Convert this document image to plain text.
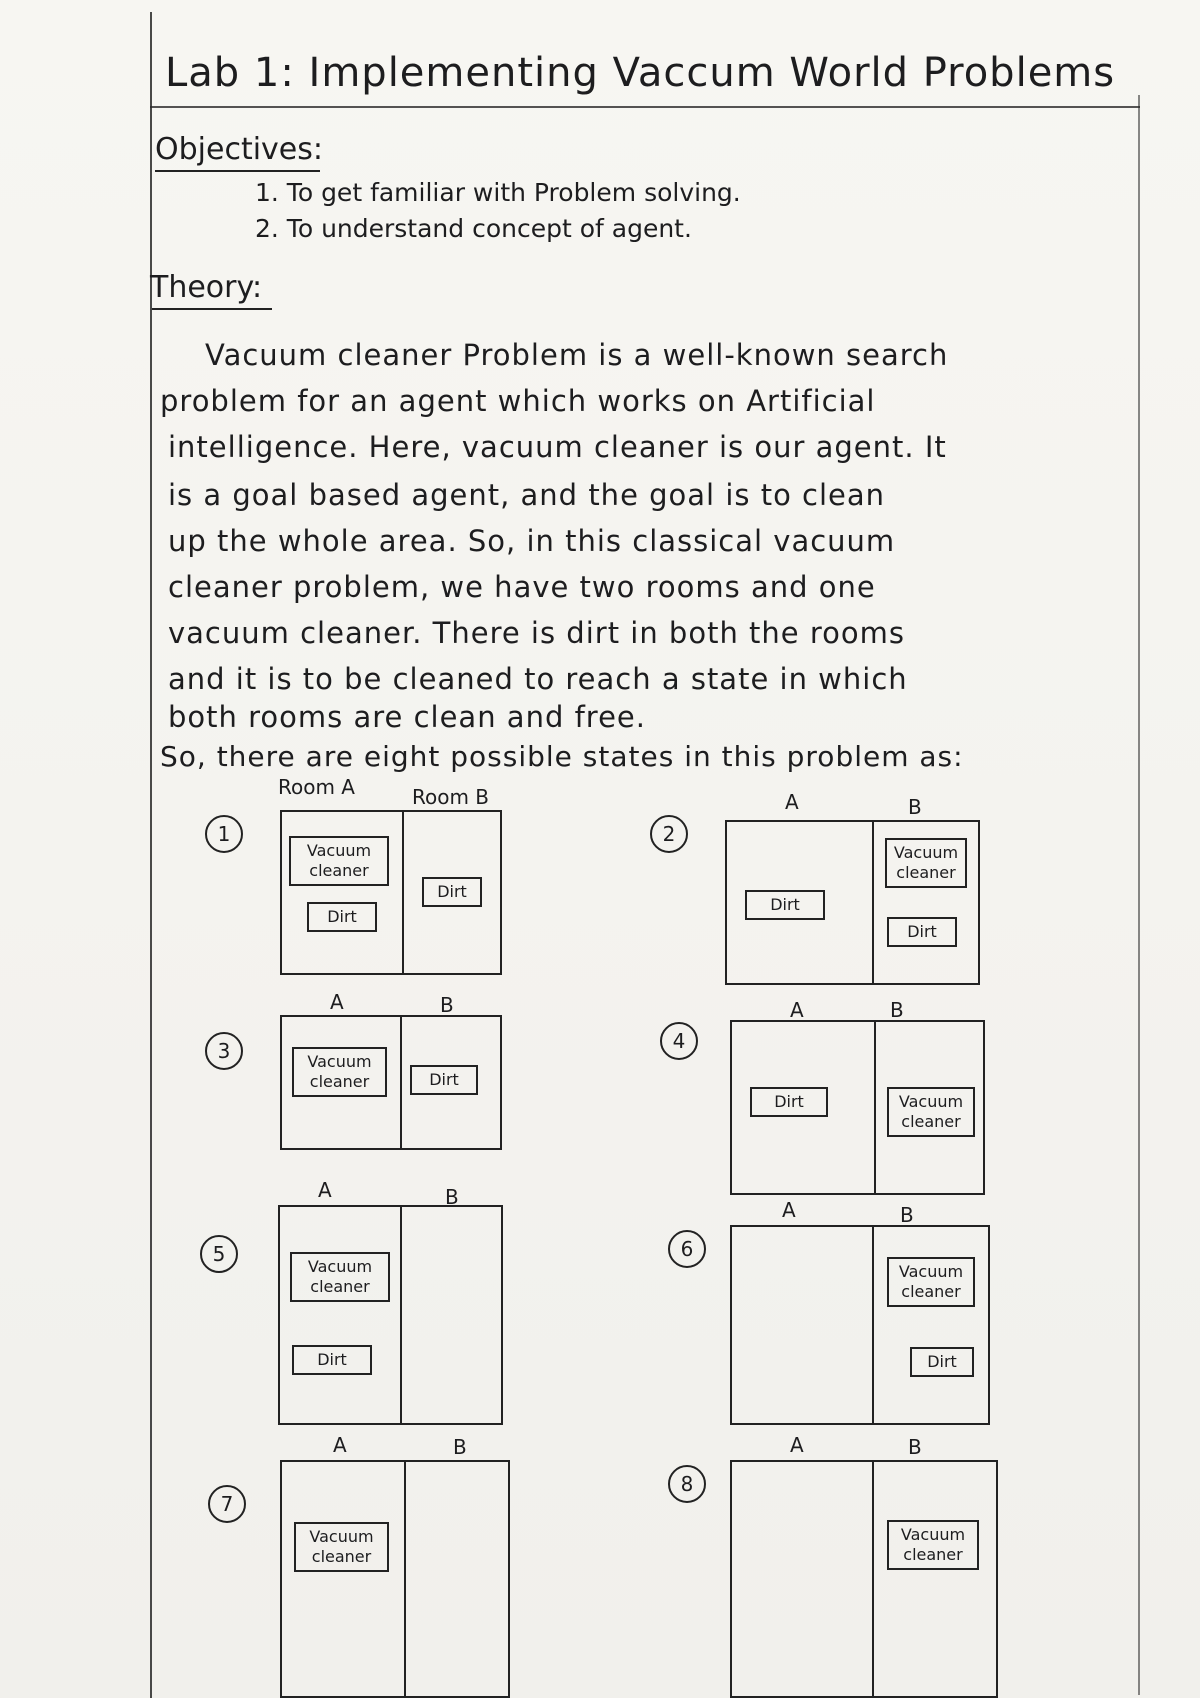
Lab 1: Implementing Vaccum World Problems
Objectives:
1. To get familiar with Problem solving.
2. To understand concept of agent.
Theory:
Vacuum cleaner Problem is a well-known search
problem for an agent which works on Artificial
intelligence. Here, vacuum cleaner is our agent. It
is a goal based agent, and the goal is to clean
up the whole area. So, in this classical vacuum
cleaner problem, we have two rooms and one
vacuum cleaner. There is dirt in both the rooms
and it is to be cleaned to reach a state in which
both rooms are clean and free.
So, there are eight possible states in this problem as:
1
Room A	Room B
Vacuum cleaner
Dirt
Dirt
2
A	B
Dirt
Vacuum cleaner
Dirt
3
A	B
Vacuum cleaner	Dirt
4
A	B
Dirt	Vacuum cleaner
5
A	B
Vacuum cleaner
Dirt
6
A	B
Vacuum cleaner
Dirt
7
A	B
Vacuum cleaner
8
A	B
Vacuum cleaner
